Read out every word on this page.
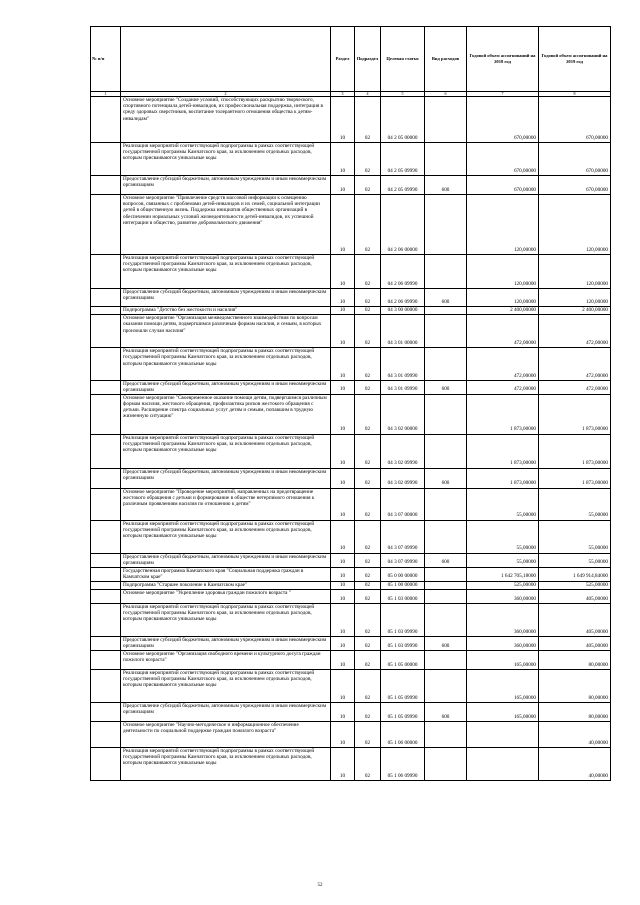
№ п/п		Раздел	Подраздел	Целевая статья	Вид расходов	Годовой объем ассигнований на 2018 год	Годовой объем ассигнований на 2019 год
1	2	3	4	5	6	7	8
	Основное мероприятие "Создание условий, способствующих раскрытию творческого, спортивного потенциала детей-инвалидов, их профессиональная поддержка, интеграция в среду здоровых сверстников, воспитание толерантного отношения общества к детям-инвалидам"	10	02	04 2 05 00000		670,00000	670,00000
	Реализация мероприятий соответствующей подпрограммы в рамках соответствующей государственной программы Камчатского края, за исключением отдельных расходов, которым присваиваются уникальные коды	10	02	04 2 05 09990		670,00000	670,00000
	Предоставление субсидий бюджетным, автономным учреждениям и иным некоммерческим организациям	10	02	04 2 05 09990	600	670,00000	670,00000
	Основное мероприятие "Привлечение средств массовой информации к освещению вопросов, связанных с проблемами детей-инвалидов и их семей, социальной интеграции детей в общественную жизнь. Поддержка инициатив общественных организаций в обеспечении нормальных условий жизнедеятельности детей-инвалидов, их успешной интеграции в общество, развитие добровольческого движения"	10	02	04 2 06 00000		120,00000	120,00000
	Реализация мероприятий соответствующей подпрограммы в рамках соответствующей государственной программы Камчатского края, за исключением отдельных расходов, которым присваиваются уникальные коды	10	02	04 2 06 09990		120,00000	120,00000
	Предоставление субсидий бюджетным, автономным учреждениям и иным некоммерческим организациям	10	02	04 2 06 09990	600	120,00000	120,00000
	Подпрограмма "Детство без жестокости и насилия"	10	02	04 3 00 00000		2 400,00000	2 400,00000
	Основное мероприятие "Организация межведомственного взаимодействия по вопросам оказания помощи детям, подвергшимся различным формам насилия, и семьям, в которых произошли случаи насилия"	10	02	04 3 01 00000		472,00000	472,00000
	Реализация мероприятий соответствующей подпрограммы в рамках соответствующей государственной программы Камчатского края, за исключением отдельных расходов, которым присваиваются уникальные коды	10	02	04 3 01 09990		472,00000	472,00000
	Предоставление субсидий бюджетным, автономным учреждениям и иным некоммерческим организациям	10	02	04 3 01 09990	600	472,00000	472,00000
	Основное мероприятие "Своевременное оказание помощи детям, подвергшимся различным формам насилия, жестокого обращения, профилактика рисков жестокого обращения с детьми. Расширение спектра социальных услуг детям и семьям, попавшим в трудную жизненную ситуацию"	10	02	04 3 02 00000		1 873,00000	1 873,00000
	Реализация мероприятий соответствующей подпрограммы в рамках соответствующей государственной программы Камчатского края, за исключением отдельных расходов, которым присваиваются уникальные коды	10	02	04 3 02 09990		1 873,00000	1 873,00000
	Предоставление субсидий бюджетным, автономным учреждениям и иным некоммерческим организациям	10	02	04 3 02 09990	600	1 873,00000	1 873,00000
	Основное мероприятие "Проведение мероприятий, направленных на предотвращение жестокого обращения с детьми и формирование в обществе нетерпимого отношения к различным проявлениям насилия по отношению к детям"	10	02	04 3 07 00000		55,00000	55,00000
	Реализация мероприятий соответствующей подпрограммы в рамках соответствующей государственной программы Камчатского края, за исключением отдельных расходов, которым присваиваются уникальные коды	10	02	04 3 07 09990		55,00000	55,00000
	Предоставление субсидий бюджетным, автономным учреждениям и иным некоммерческим организациям	10	02	04 3 07 09990	600	55,00000	55,00000
	Государственная программа Камчатского края "Социальная поддержка граждан в Камчатском крае"	10	02	05 0 00 00000		1 642 705,18000	1 649 914,84000
	Подпрограмма "Старшее поколение в Камчатском крае"	10	02	05 1 00 00000		525,00000	525,00000
	Основное мероприятие "Укрепление здоровья граждан пожилого возраста "	10	02	05 1 03 00000		360,00000	405,00000
	Реализация мероприятий соответствующей подпрограммы в рамках соответствующей государственной программы Камчатского края, за исключением отдельных расходов, которым присваиваются уникальные коды	10	02	05 1 03 09990		360,00000	405,00000
	Предоставление субсидий бюджетным, автономным учреждениям и иным некоммерческим организациям	10	02	05 1 03 09990	600	360,00000	405,00000
	Основное мероприятие "Организация свободного времени и культурного досуга граждан пожилого возраста"	10	02	05 1 05 00000		165,00000	80,00000
	Реализация мероприятий соответствующей подпрограммы в рамках соответствующей государственной программы Камчатского края, за исключением отдельных расходов, которым присваиваются уникальные коды	10	02	05 1 05 09990		165,00000	80,00000
	Предоставление субсидий бюджетным, автономным учреждениям и иным некоммерческим организациям	10	02	05 1 05 09990	600	165,00000	80,00000
	Основное мероприятие "Научно-методическое и информационное обеспечение деятельности по социальной поддержке граждан пожилого возраста"	10	02	05 1 06 00000			40,00000
	Реализация мероприятий соответствующей подпрограммы в рамках соответствующей государственной программы Камчатского края, за исключением отдельных расходов, которым присваиваются уникальные коды	10	02	05 1 06 09990			40,00000
52
